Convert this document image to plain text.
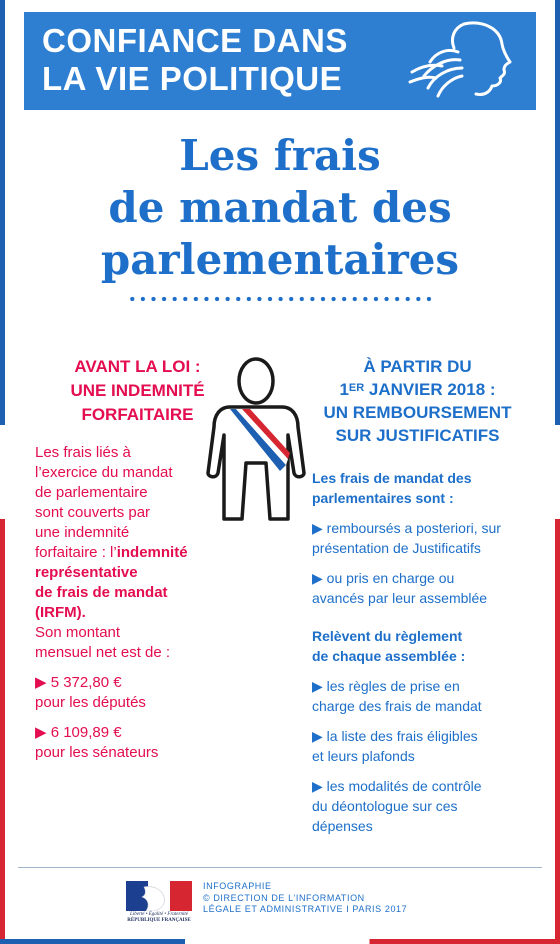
CONFIANCE DANS
LA VIE POLITIQUE
Les frais
de mandat des
parlementaires
AVANT LA LOI :
UNE INDEMNITÉ
FORFAITAIRE
Les frais liés à
l’exercice du mandat
de parlementaire
sont couverts par
une indemnité
forfaitaire : l’indemnité
représentative
de frais de mandat
(IRFM).
Son montant
mensuel net est de :
▶ 5 372,80 €
pour les députés
▶ 6 109,89 €
pour les sénateurs
À PARTIR DU
1ER JANVIER 2018 :
UN REMBOURSEMENT
SUR JUSTIFICATIFS
Les frais de mandat des
parlementaires sont :
▶ remboursés a posteriori, sur
présentation de Justificatifs
▶ ou pris en charge ou
avancés par leur assemblée
Relèvent du règlement
de chaque assemblée :
▶ les règles de prise en
charge des frais de mandat
▶ la liste des frais éligibles
et leurs plafonds
▶ les modalités de contrôle
du déontologue sur ces
dépenses
Liberté • Égalité • Fraternité
RÉPUBLIQUE FRANÇAISE
INFOGRAPHIE
© DIRECTION DE L’INFORMATION
LÉGALE ET ADMINISTRATIVE I PARIS 2017
